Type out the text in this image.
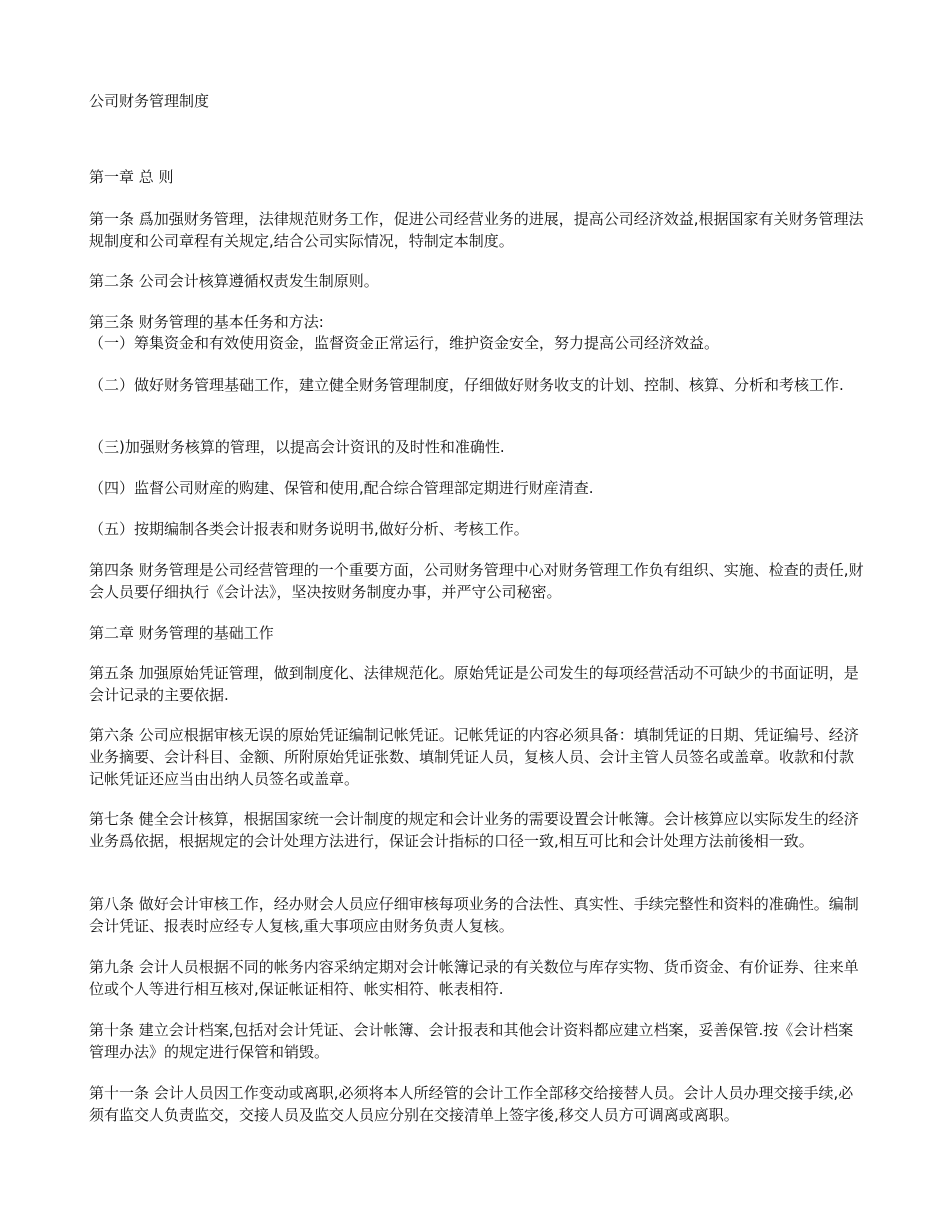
公司财务管理制度

第一章 总 则

第一条 爲加强财务管理，法律规范财务工作，促进公司经营业务的进展，提高公司经济效益,根据国家有关财务管理法规制度和公司章程有关规定,结合公司实际情况，特制定本制度。

第二条 公司会计核算遵循权责发生制原则。

第三条 财务管理的基本任务和方法:

（一）筹集资金和有效使用资金，监督资金正常运行，维护资金安全，努力提高公司经济效益。

（二）做好财务管理基础工作，建立健全财务管理制度，仔细做好财务收支的计划、控制、核算、分析和考核工作.

（三)加强财务核算的管理，以提高会计资讯的及时性和准确性.

（四）监督公司财産的购建、保管和使用,配合综合管理部定期进行财産清查.

（五）按期编制各类会计报表和财务说明书,做好分析、考核工作。

第四条 财务管理是公司经营管理的一个重要方面，公司财务管理中心对财务管理工作负有组织、实施、检查的责任,财会人员要仔细执行《会计法》，坚决按财务制度办事，并严守公司秘密。

第二章 财务管理的基础工作

第五条 加强原始凭证管理，做到制度化、法律规范化。原始凭证是公司发生的每项经营活动不可缺少的书面证明，是会计记录的主要依据.

第六条 公司应根据审核无误的原始凭证编制记帐凭证。记帐凭证的内容必须具备：填制凭证的日期、凭证编号、经济业务摘要、会计科目、金额、所附原始凭证张数、填制凭证人员，复核人员、会计主管人员签名或盖章。收款和付款记帐凭证还应当由出纳人员签名或盖章。

第七条 健全会计核算，根据国家统一会计制度的规定和会计业务的需要设置会计帐簿。会计核算应以实际发生的经济业务爲依据，根据规定的会计处理方法进行，保证会计指标的口径一致,相互可比和会计处理方法前後相一致。

第八条 做好会计审核工作，经办财会人员应仔细审核每项业务的合法性、真实性、手续完整性和资料的准确性。编制会计凭证、报表时应经专人复核,重大事项应由财务负责人复核。

第九条 会计人员根据不同的帐务内容采纳定期对会计帐簿记录的有关数位与库存实物、货币资金、有价证券、往来单位或个人等进行相互核对,保证帐证相符、帐实相符、帐表相符.

第十条 建立会计档案,包括对会计凭证、会计帐簿、会计报表和其他会计资料都应建立档案，妥善保管.按《会计档案管理办法》的规定进行保管和销毁。

第十一条 会计人员因工作变动或离职,必须将本人所经管的会计工作全部移交给接替人员。会计人员办理交接手续,必须有监交人负责监交，交接人员及监交人员应分别在交接清单上签字後,移交人员方可调离或离职。
